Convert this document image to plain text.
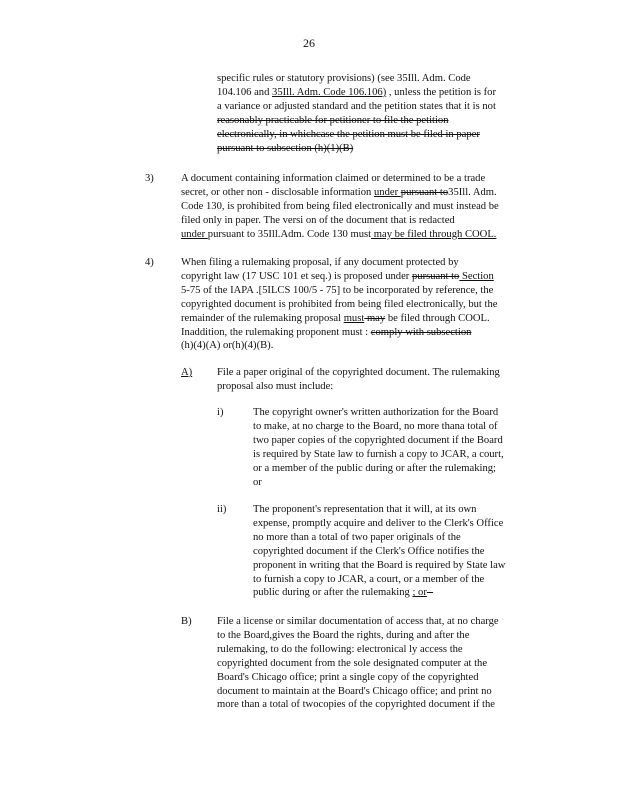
26
specific rules or statutory provisions) (see 35Ill. Adm. Code
104.106 and 35Ill. Adm. Code 106.106) , unless the petition is for
a variance or adjusted standard and the petition states that it is not
reasonably practicable for petitioner to file the petition
electronically, in whichcase the petition must be filed in paper
pursuant to subsection (h)(1)(B)
3)	A document containing information claimed or determined to be a trade
secret, or other non - disclosable information under pursuant to35Ill. Adm.
Code 130, is prohibited from being filed electronically and must instead be
filed only in paper. The versi on of the document that is redacted
under pursuant to 35Ill.Adm. Code 130 must may be filed through COOL.
4)	When filing a rulemaking proposal, if any document protected by
copyright law (17 USC 101 et seq.) is proposed under pursuant to Section
5-75 of the IAPA .[5ILCS 100/5 - 75] to be incorporated by reference, the
copyrighted document is prohibited from being filed electronically, but the
remainder of the rulemaking proposal must may be filed through COOL.
Inaddition, the rulemaking proponent must : comply with subsection
(h)(4)(A) or(h)(4)(B).
A) File a paper original of the copyrighted document. The rulemaking
proposal also must include:
i)	The copyright owner's written authorization for the Board
to make, at no charge to the Board, no more thana total of
two paper copies of the copyrighted document if the Board
is required by State law to furnish a copy to JCAR, a court,
or a member of the public during or after the rulemaking;
or
ii)	The proponent's representation that it will, at its own
expense, promptly acquire and deliver to the Clerk's Office
no more than a total of two paper originals of the
copyrighted document if the Clerk's Office notifies the
proponent in writing that the Board is required by State law
to furnish a copy to JCAR, a court, or a member of the
public during or after the rulemaking ; or -
B) File a license or similar documentation of access that, at no charge
to the Board,gives the Board the rights, during and after the
rulemaking, to do the following: electronical ly access the
copyrighted document from the sole designated computer at the
Board's Chicago office; print a single copy of the copyrighted
document to maintain at the Board's Chicago office; and print no
more than a total of twocopies of the copyrighted document if the
